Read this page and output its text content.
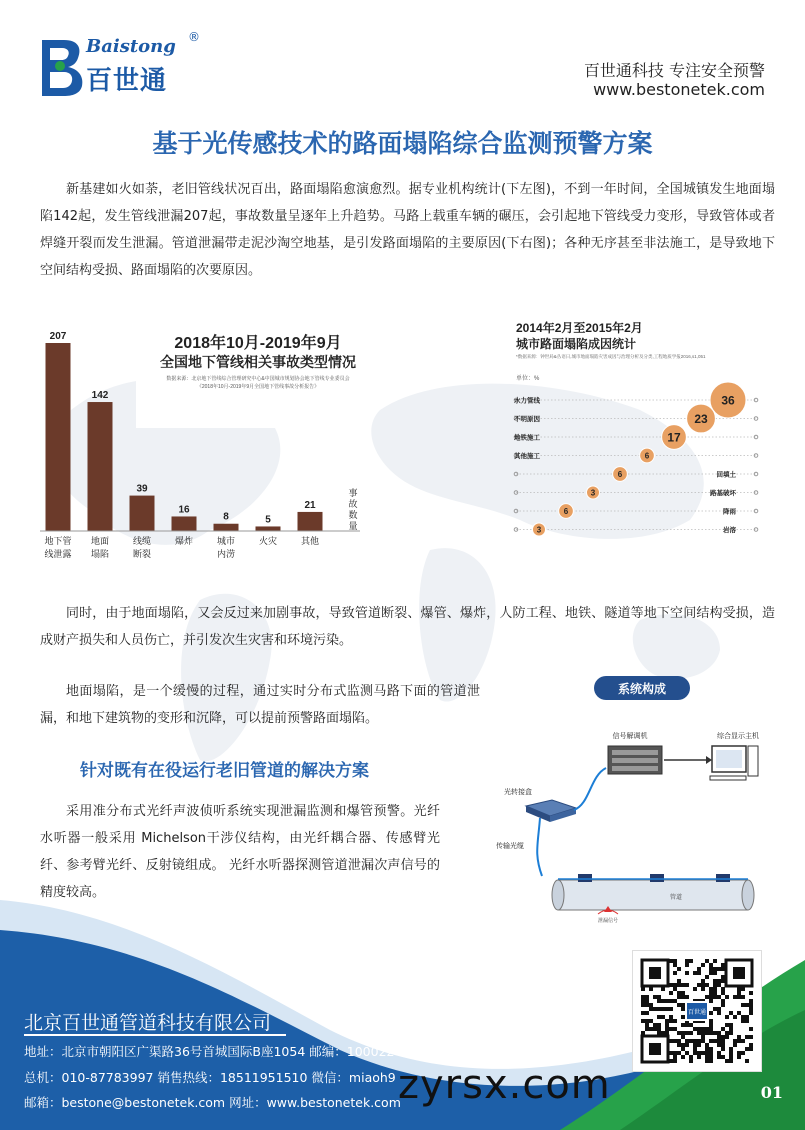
Baistong ®
百世通	百世通科技 专注安全预警
www.bestonetek.com
基于光传感技术的路面塌陷综合监测预警方案
新基建如火如荼，老旧管线状况百出，路面塌陷愈演愈烈。据专业机构统计(下左图)，不到一年时间，全国城镇发生地面塌陷142起，发生管线泄漏207起，事故数量呈逐年上升趋势。马路上载重车辆的碾压，会引起地下管线受力变形，导致管体或者焊缝开裂而发生泄漏。管道泄漏带走泥沙淘空地基，是引发路面塌陷的主要原因(下右图)；各种无序甚至非法施工，是导致地下空间结构受损、路面塌陷的次要原因。
2018年10月-2019年9月
全国地下管线相关事故类型情况
数据来源：北京地下管线综合管理研究中心&中国城市规划协会地下管线专业委员会
《2018年10月-2019年9月全国地下管线事故分析报告》
207
地下管
线泄露
142
地面
塌陷
39
线缆
断裂
16
爆炸
8
城市
内涝
5
火灾
21
其他
事
故
数
量
2014年2月至2015年2月
城市路面塌陷成因统计
*数据来源：钟世局&丛语日,城市地面塌陷灾害成因与治理分析及分类,工程地质学报2016,s1,051
单位：%
水力管线
不明原因
地铁施工
其他施工
回填土
路基破坏
降雨
岩溶
36
23
17
6
6
3
6
3
同时，由于地面塌陷，又会反过来加剧事故，导致管道断裂、爆管、爆炸，人防工程、地铁、隧道等地下空间结构受损，造成财产损失和人员伤亡，并引发次生灾害和环境污染。
地面塌陷，是一个缓慢的过程，通过实时分布式监测马路下面的管道泄漏，和地下建筑物的变形和沉降，可以提前预警路面塌陷。
针对既有在役运行老旧管道的解决方案
采用准分布式光纤声波侦听系统实现泄漏监测和爆管预警。光纤水听器一般采用 Michelson干涉仪结构，由光纤耦合器、传感臂光纤、参考臂光纤、反射镜组成。 光纤水听器探测管道泄漏次声信号的精度较高。
系统构成
信号解调机	综合显示主机
光转接盒
传输光缆
管道
泄漏信号
北京百世通管道科技有限公司
地址：北京市朝阳区广渠路36号首城国际B座1054 邮编：100022
总机：010-87783997 销售热线：18511951510 微信：miaoh9
邮箱：bestone@bestonetek.com 网址：www.bestonetek.com
百世通
zyrsx.com	01
